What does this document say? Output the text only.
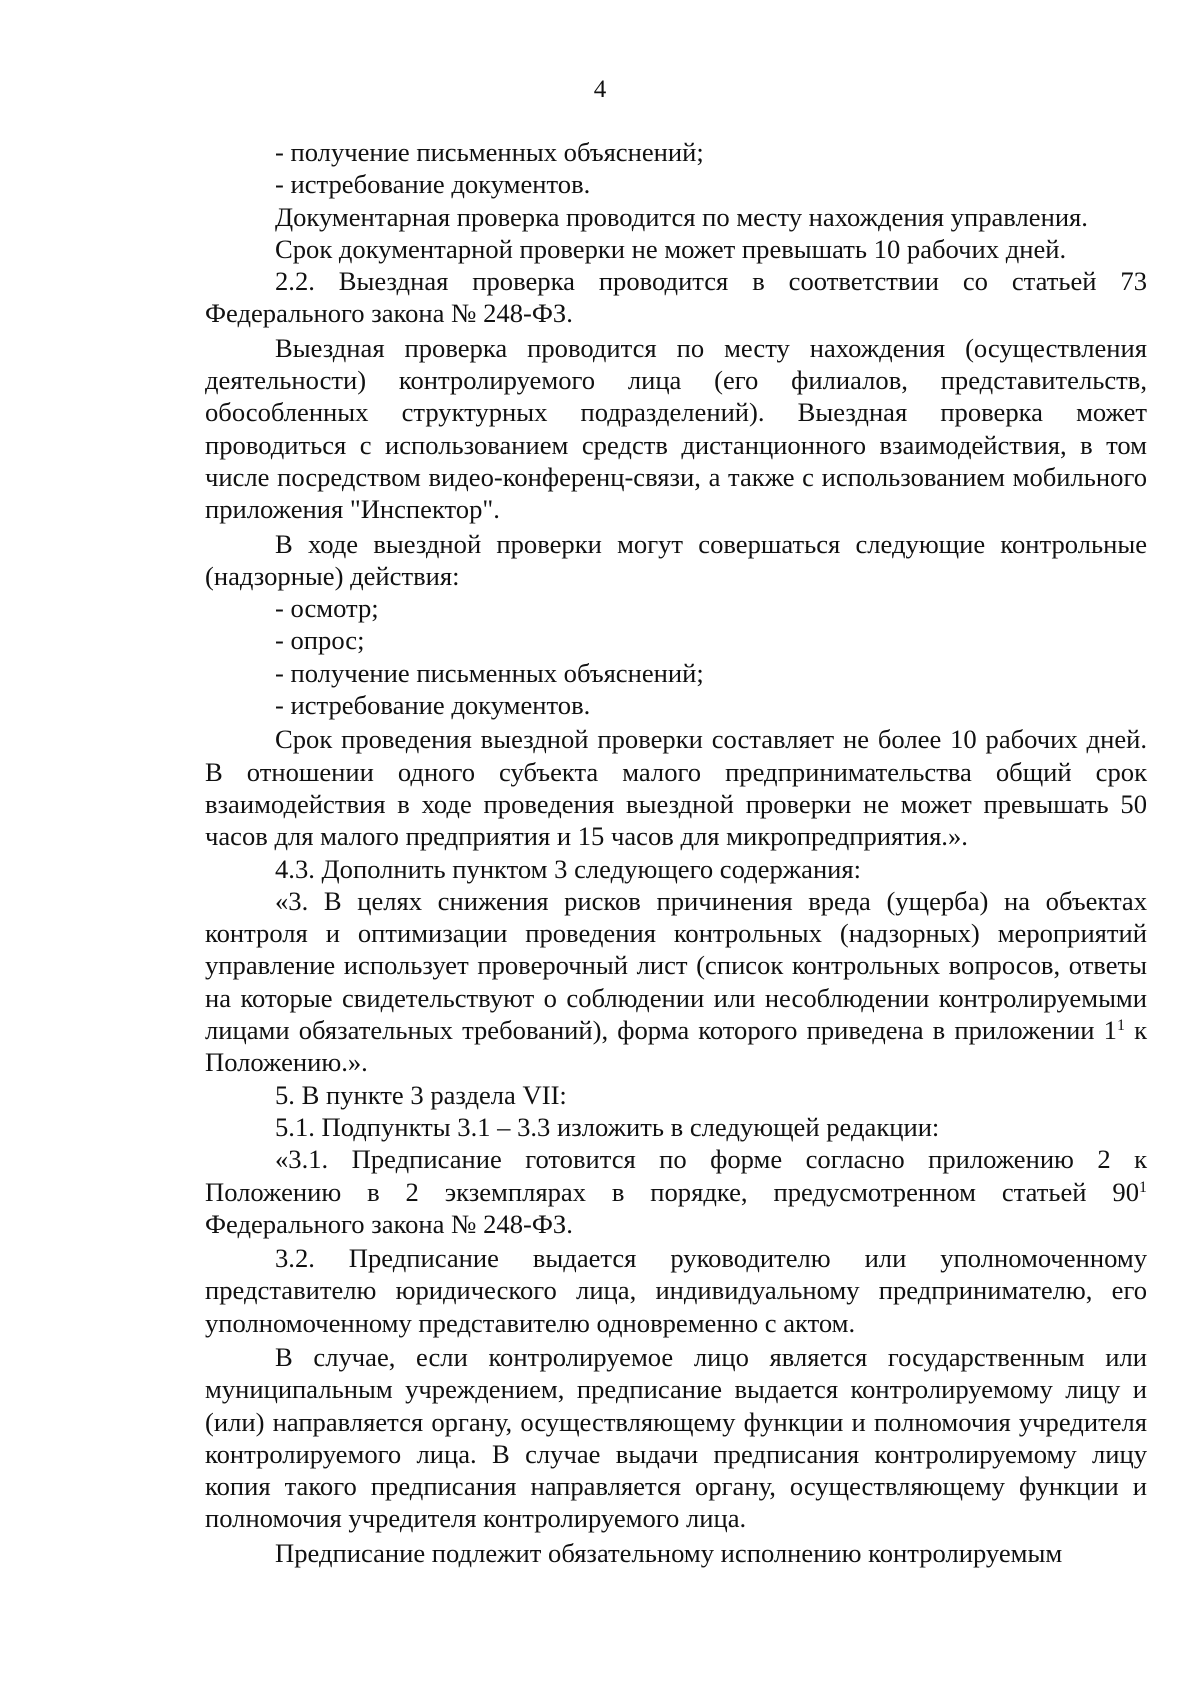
4

- получение письменных объяснений;

- истребование документов.

Документарная проверка проводится по месту нахождения управления.

Срок документарной проверки не может превышать 10 рабочих дней.

2.2. Выездная проверка проводится в соответствии со статьей 73 Федерального закона № 248-ФЗ.

Выездная проверка проводится по месту нахождения (осуществления деятельности) контролируемого лица (его филиалов, представительств, обособленных структурных подразделений). Выездная проверка может проводиться с использованием средств дистанционного взаимодействия, в том числе посредством видео-конференц-связи, а также с использованием мобильного приложения "Инспектор".

В ходе выездной проверки могут совершаться следующие контрольные (надзорные) действия:

- осмотр;

- опрос;

- получение письменных объяснений;

- истребование документов.

Срок проведения выездной проверки составляет не более 10 рабочих дней. В отношении одного субъекта малого предпринимательства общий срок взаимодействия в ходе проведения выездной проверки не может превышать 50 часов для малого предприятия и 15 часов для микропредприятия.».

4.3. Дополнить пунктом 3 следующего содержания:

«3. В целях снижения рисков причинения вреда (ущерба) на объектах контроля и оптимизации проведения контрольных (надзорных) мероприятий управление использует проверочный лист (список контрольных вопросов, ответы на которые свидетельствуют о соблюдении или несоблюдении контролируемыми лицами обязательных требований), форма которого приведена в приложении $1^1$ к Положению.».

5. В пункте 3 раздела VII:

5.1. Подпункты 3.1 – 3.3 изложить в следующей редакции:

«3.1. Предписание готовится по форме согласно приложению 2 к Положению в 2 экземплярах в порядке, предусмотренном статьей $90^1$ Федерального закона № 248-ФЗ.

3.2. Предписание выдается руководителю или уполномоченному представителю юридического лица, индивидуальному предпринимателю, его уполномоченному представителю одновременно с актом.

В случае, если контролируемое лицо является государственным или муниципальным учреждением, предписание выдается контролируемому лицу и (или) направляется органу, осуществляющему функции и полномочия учредителя контролируемого лица. В случае выдачи предписания контролируемому лицу копия такого предписания направляется органу, осуществляющему функции и полномочия учредителя контролируемого лица.

Предписание подлежит обязательному исполнению контролируемым
